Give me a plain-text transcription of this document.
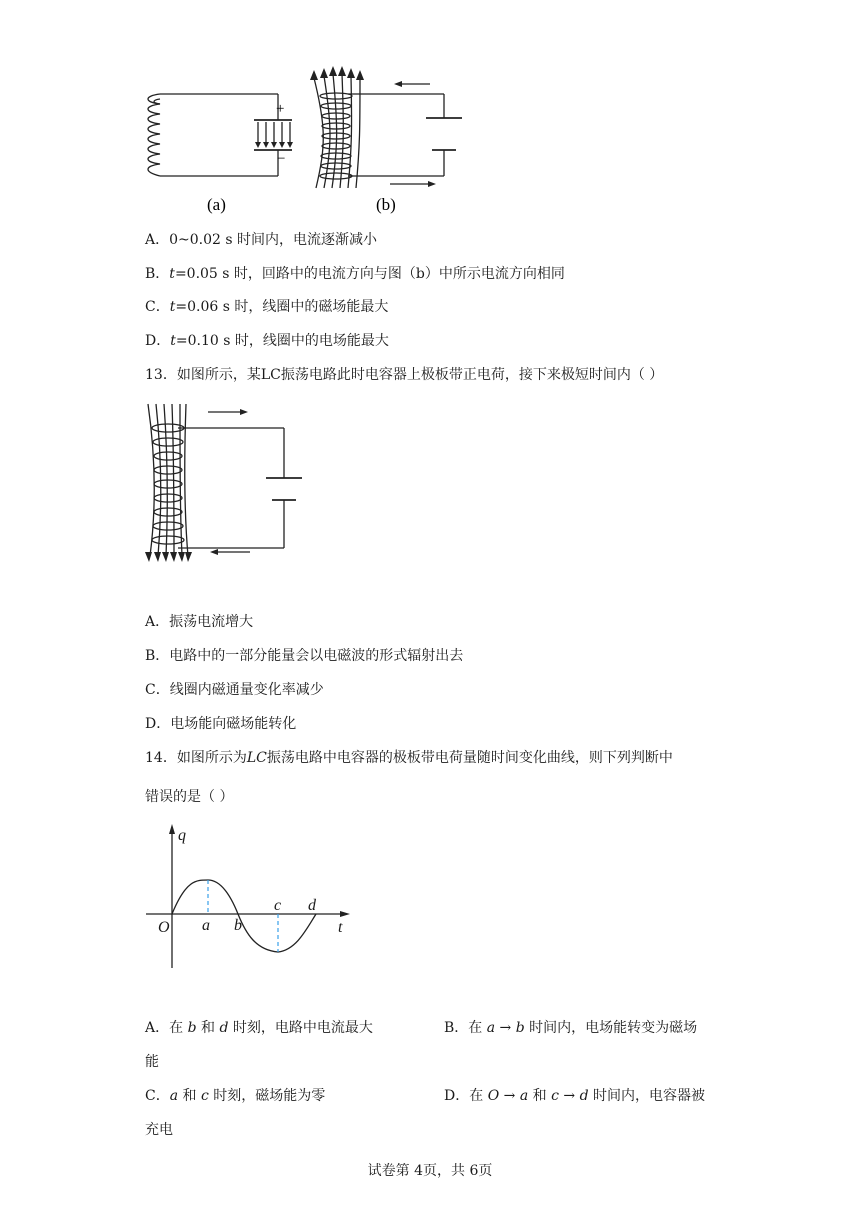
+
−
(a)	(b)
A．0~0.02 s 时间内，电流逐渐减小
B．t=0.05 s 时，回路中的电流方向与图（b）中所示电流方向相同
C．t=0.06 s 时，线圈中的磁场能最大
D．t=0.10 s 时，线圈中的电场能最大
13．如图所示，某LC振荡电路此时电容器上极板带正电荷，接下来极短时间内（ ）
A．振荡电流增大
B．电路中的一部分能量会以电磁波的形式辐射出去
C．线圈内磁通量变化率减少
D．电场能向磁场能转化
14．如图所示为LC振荡电路中电容器的极板带电荷量随时间变化曲线，则下列判断中
错误的是（ ）
q
t
O a b
c d
A．在 b 和 d 时刻，电路中电流最大	B．在 a → b 时间内，电场能转变为磁场
能
C．a 和 c 时刻，磁场能为零	D．在 O → a 和 c → d 时间内，电容器被
充电
试卷第 4页，共 6页
